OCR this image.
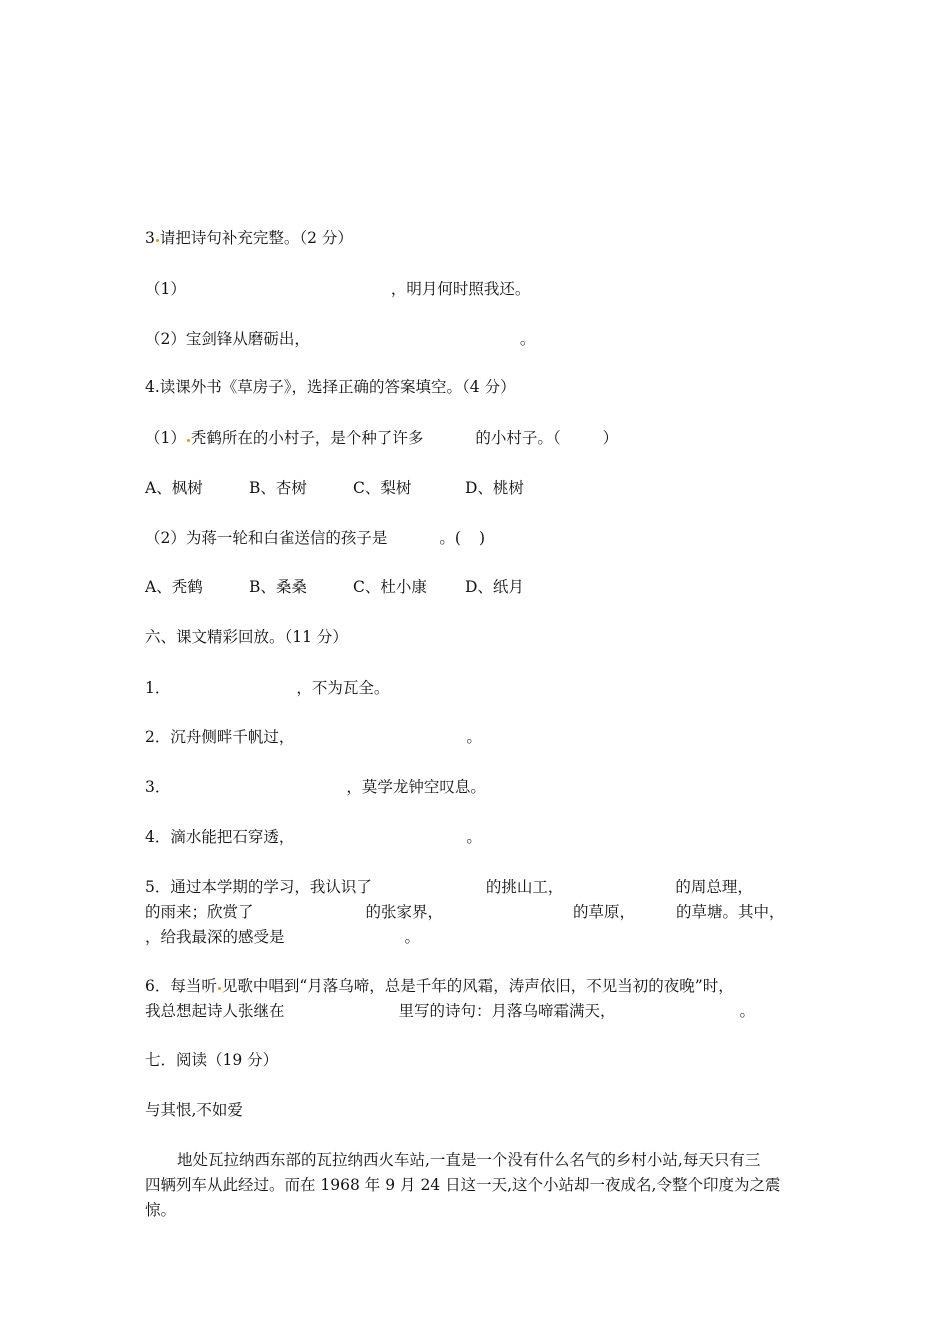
3 请把诗句补充完整。（2 分）
（1）	，明月何时照我还。
（2）宝剑锋从磨砺出，	。
4.读课外书《草房子》，选择正确的答案填空。（4 分）
（1） 秃鹤所在的小村子，是个种了许多	的小村子。（	）
A、枫树	B、杏树	C、梨树	D、桃树
（2）为蒋一轮和白雀送信的孩子是	。( )
A、秃鹤	B、桑桑	C、杜小康 D、纸月
六、课文精彩回放。（11 分）
1．	，不为瓦全。
2．沉舟侧畔千帆过，	。
3．	，莫学龙钟空叹息。
4．滴水能把石穿透，	。
5．通过本学期的学习，我认识了	的挑山工，	的周总理，
的雨来；欣赏了	的张家界，	的草原，	的草塘。其中，
，给我最深的感受是	。
6．每当听 见歌中唱到“月落乌啼，总是千年的风霜，涛声依旧，不见当初的夜晚”时，
我总想起诗人张继在	里写的诗句：月落乌啼霜满天，	。
七．阅读（19 分）
与其恨,不如爱
地处瓦拉纳西东部的瓦拉纳西火车站,一直是一个没有什么名气的乡村小站,每天只有三
四辆列车从此经过。而在 1968 年 9 月 24 日这一天,这个小站却一夜成名,令整个印度为之震
惊。
